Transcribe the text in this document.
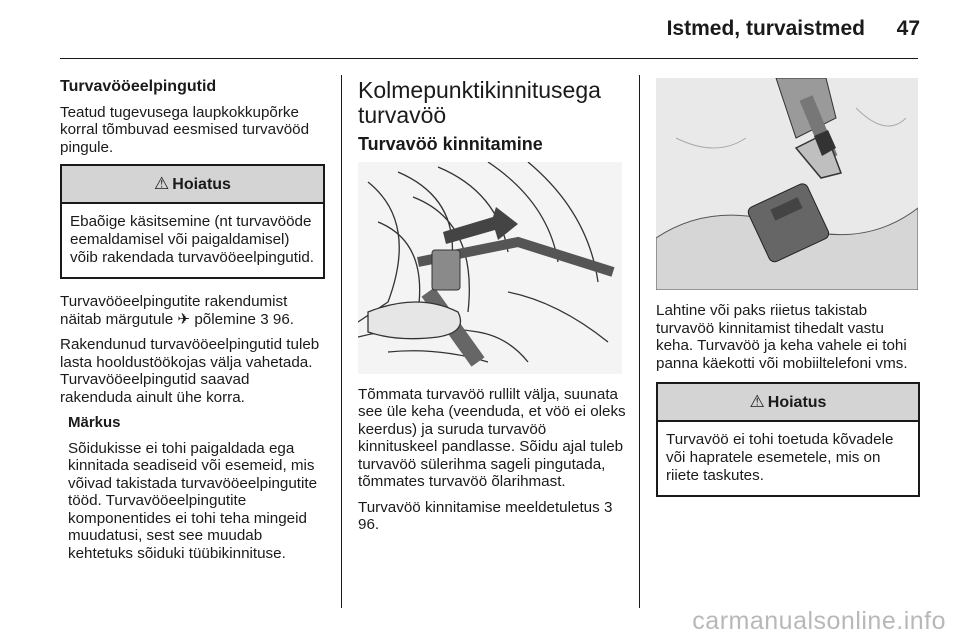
Istmed, turvaistmed 47

Turvavööeelpingutid

Teatud tugevusega laupkokkupõrke korral tõmbuvad eesmised turvavööd pingule.

⚠ Hoiatus
Ebaõige käsitsemine (nt turvavööde eemaldamisel või paigaldamisel) võib rakendada turvavööeelpingutid.

Turvavööeelpingutite rakendumist näitab märgutule ✈ põlemine 3 96.

Rakendunud turvavööeelpingutid tuleb lasta hooldustöökojas välja vahetada. Turvavööeelpingutid saavad rakenduda ainult ühe korra.

Märkus

Sõidukisse ei tohi paigaldada ega kinnitada seadiseid või esemeid, mis võivad takistada turvavööeelpingutite tööd. Turvavööeelpingutite komponentides ei tohi teha mingeid muudatusi, sest see muudab kehtetuks sõiduki tüübikinnituse.

Kolmepunktikinnitusega turvavöö

Turvavöö kinnitamine

Tõmmata turvavöö rullilt välja, suunata see üle keha (veenduda, et vöö ei oleks keerdus) ja suruda turvavöö kinnituskeel pandlasse. Sõidu ajal tuleb turvavöö sülerihma sageli pingutada, tõmmates turvavöö õlarihmast.

Turvavöö kinnitamise meeldetuletus 3 96.

Lahtine või paks riietus takistab turvavöö kinnitamist tihedalt vastu keha. Turvavöö ja keha vahele ei tohi panna käekotti või mobiiltelefoni vms.

⚠ Hoiatus
Turvavöö ei tohi toetuda kõvadele või hapratele esemetele, mis on riiete taskutes.
carmanualsonline.info
